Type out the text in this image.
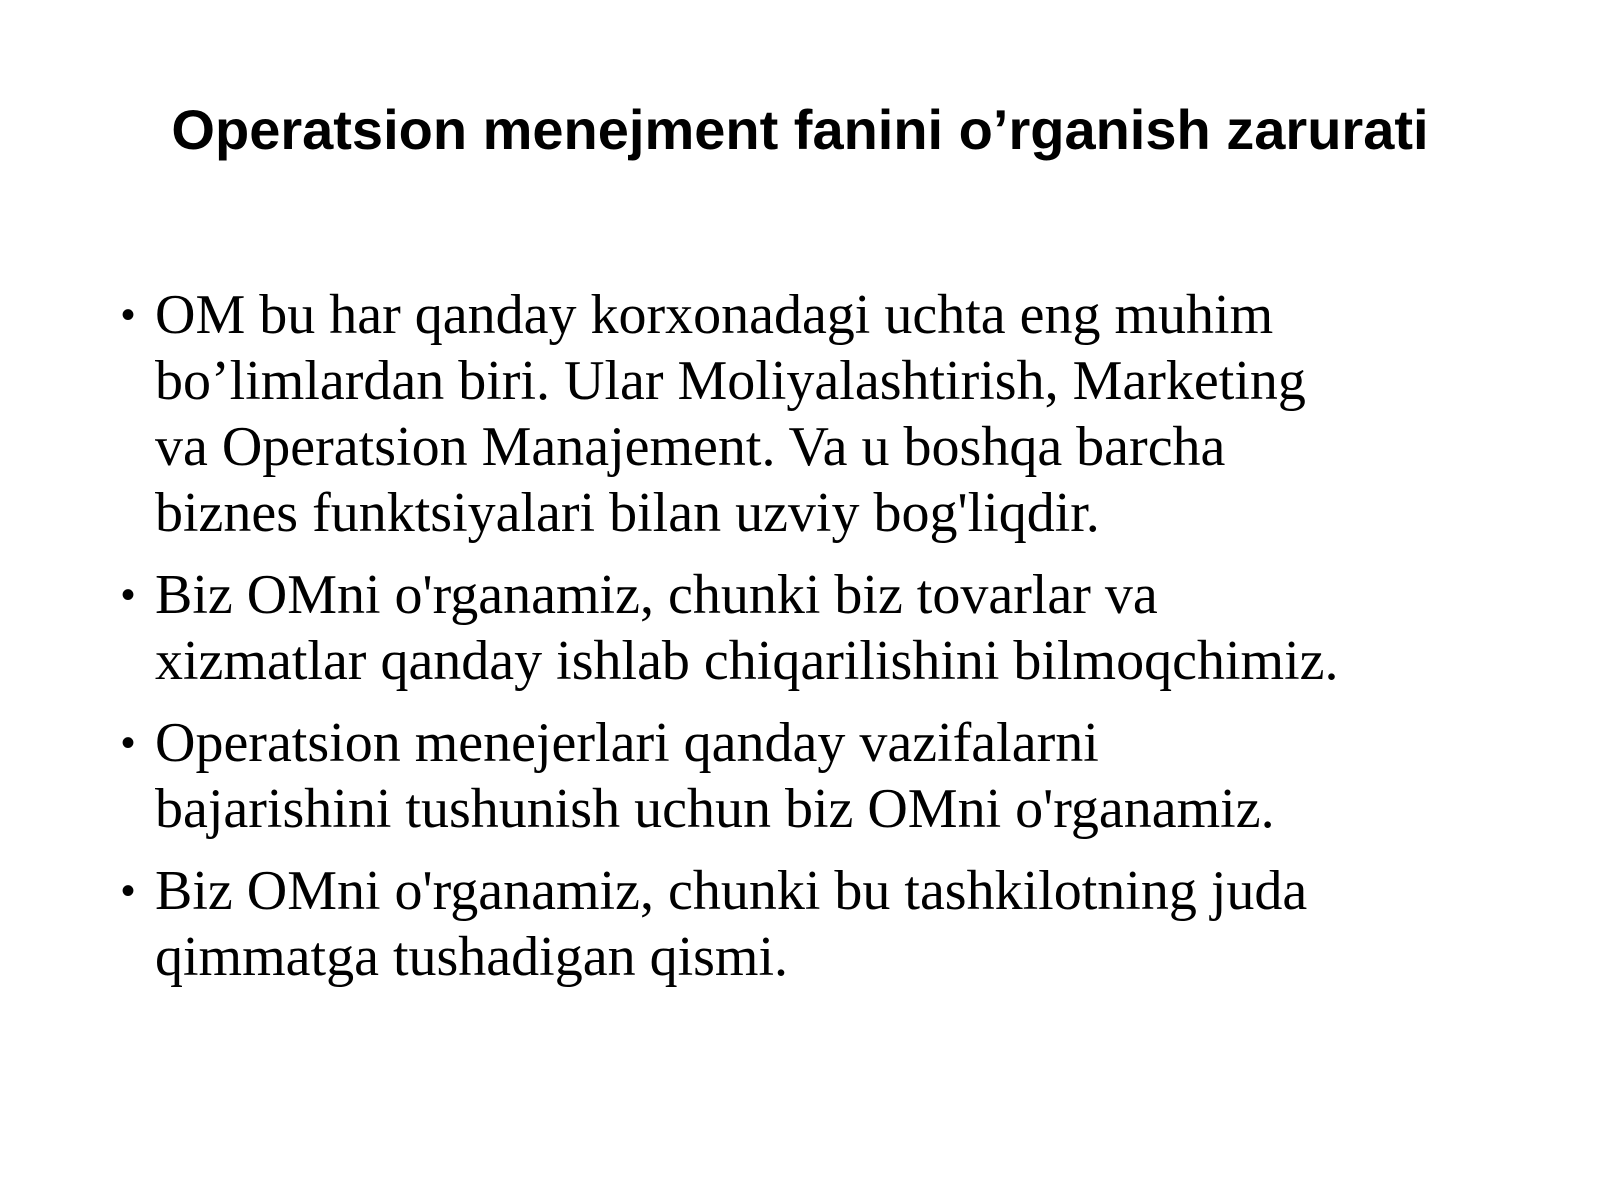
Operatsion menejment fanini o’rganish zarurati
• OM bu har qanday korxonadagi uchta eng muhim
bo’limlardan biri. Ular Moliyalashtirish, Marketing
va Operatsion Manajement. Va u boshqa barcha
biznes funktsiyalari bilan uzviy bog'liqdir.
• Biz OMni o'rganamiz, chunki biz tovarlar va
xizmatlar qanday ishlab chiqarilishini bilmoqchimiz.
• Operatsion menejerlari qanday vazifalarni
bajarishini tushunish uchun biz OMni o'rganamiz.
• Biz OMni o'rganamiz, chunki bu tashkilotning juda
qimmatga tushadigan qismi.
